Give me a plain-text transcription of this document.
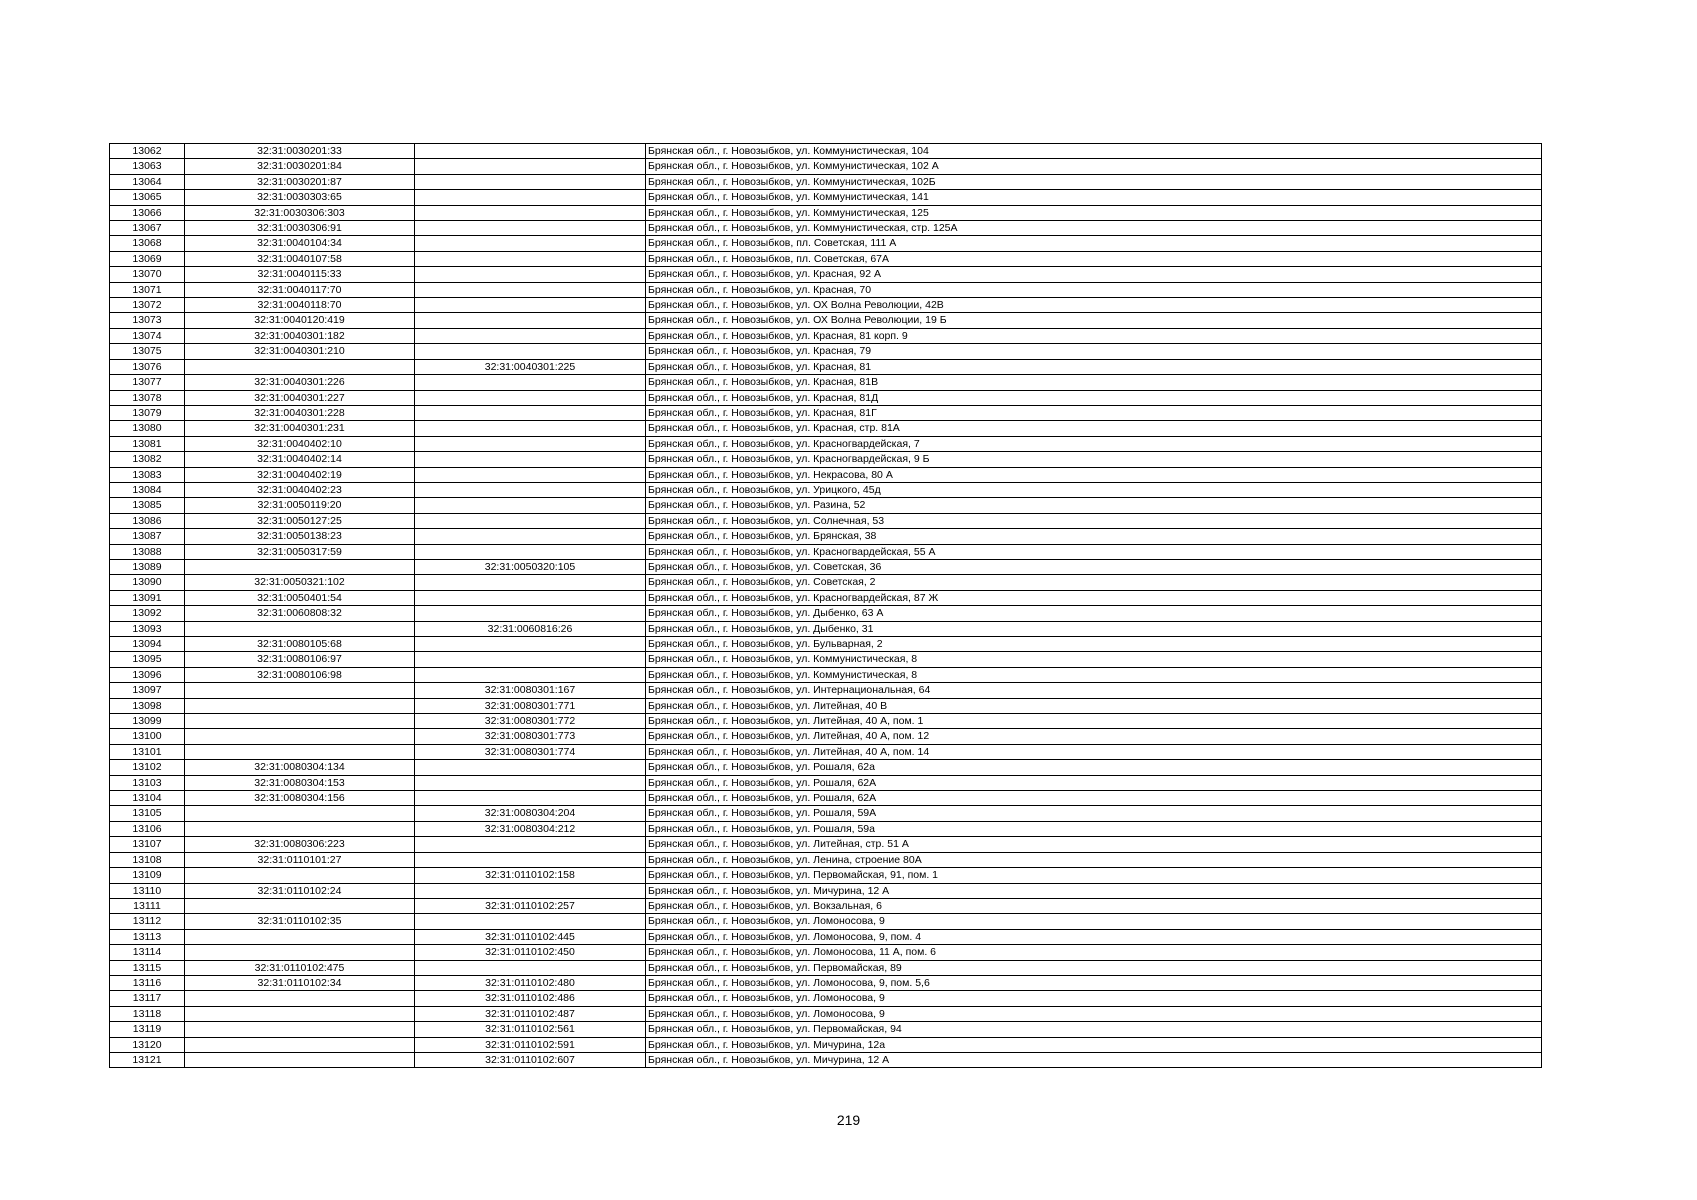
13062	32:31:0030201:33		Брянская обл., г. Новозыбков, ул. Коммунистическая, 104
13063	32:31:0030201:84		Брянская обл., г. Новозыбков, ул. Коммунистическая, 102 А
13064	32:31:0030201:87		Брянская обл., г. Новозыбков, ул. Коммунистическая, 102Б
13065	32:31:0030303:65		Брянская обл., г. Новозыбков, ул. Коммунистическая, 141
13066	32:31:0030306:303		Брянская обл., г. Новозыбков, ул. Коммунистическая, 125
13067	32:31:0030306:91		Брянская обл., г. Новозыбков, ул. Коммунистическая, стр. 125А
13068	32:31:0040104:34		Брянская обл., г. Новозыбков, пл. Советская, 111 А
13069	32:31:0040107:58		Брянская обл., г. Новозыбков, пл. Советская, 67А
13070	32:31:0040115:33		Брянская обл., г. Новозыбков, ул. Красная, 92 А
13071	32:31:0040117:70		Брянская обл., г. Новозыбков, ул. Красная, 70
13072	32:31:0040118:70		Брянская обл., г. Новозыбков, ул. ОХ Волна Революции, 42В
13073	32:31:0040120:419		Брянская обл., г. Новозыбков, ул. ОХ Волна Революции, 19 Б
13074	32:31:0040301:182		Брянская обл., г. Новозыбков, ул. Красная, 81 корп. 9
13075	32:31:0040301:210		Брянская обл., г. Новозыбков, ул. Красная, 79
13076		32:31:0040301:225	Брянская обл., г. Новозыбков, ул. Красная, 81
13077	32:31:0040301:226		Брянская обл., г. Новозыбков, ул. Красная, 81В
13078	32:31:0040301:227		Брянская обл., г. Новозыбков, ул. Красная, 81Д
13079	32:31:0040301:228		Брянская обл., г. Новозыбков, ул. Красная, 81Г
13080	32:31:0040301:231		Брянская обл., г. Новозыбков, ул. Красная, стр. 81А
13081	32:31:0040402:10		Брянская обл., г. Новозыбков, ул. Красногвардейская, 7
13082	32:31:0040402:14		Брянская обл., г. Новозыбков, ул. Красногвардейская, 9 Б
13083	32:31:0040402:19		Брянская обл., г. Новозыбков, ул. Некрасова, 80 А
13084	32:31:0040402:23		Брянская обл., г. Новозыбков, ул. Урицкого, 45д
13085	32:31:0050119:20		Брянская обл., г. Новозыбков, ул. Разина, 52
13086	32:31:0050127:25		Брянская обл., г. Новозыбков, ул. Солнечная, 53
13087	32:31:0050138:23		Брянская обл., г. Новозыбков, ул. Брянская, 38
13088	32:31:0050317:59		Брянская обл., г. Новозыбков, ул. Красногвардейская, 55 А
13089		32:31:0050320:105	Брянская обл., г. Новозыбков, ул. Советская, 36
13090	32:31:0050321:102		Брянская обл., г. Новозыбков, ул. Советская, 2
13091	32:31:0050401:54		Брянская обл., г. Новозыбков, ул. Красногвардейская, 87 Ж
13092	32:31:0060808:32		Брянская обл., г. Новозыбков, ул. Дыбенко, 63 А
13093		32:31:0060816:26	Брянская обл., г. Новозыбков, ул. Дыбенко, 31
13094	32:31:0080105:68		Брянская обл., г. Новозыбков, ул. Бульварная, 2
13095	32:31:0080106:97		Брянская обл., г. Новозыбков, ул. Коммунистическая, 8
13096	32:31:0080106:98		Брянская обл., г. Новозыбков, ул. Коммунистическая, 8
13097		32:31:0080301:167	Брянская обл., г. Новозыбков, ул. Интернациональная, 64
13098		32:31:0080301:771	Брянская обл., г. Новозыбков, ул. Литейная, 40 В
13099		32:31:0080301:772	Брянская обл., г. Новозыбков, ул. Литейная, 40 А, пом. 1
13100		32:31:0080301:773	Брянская обл., г. Новозыбков, ул. Литейная, 40 А, пом. 12
13101		32:31:0080301:774	Брянская обл., г. Новозыбков, ул. Литейная, 40 А, пом. 14
13102	32:31:0080304:134		Брянская обл., г. Новозыбков, ул. Рошаля, 62а
13103	32:31:0080304:153		Брянская обл., г. Новозыбков, ул. Рошаля, 62А
13104	32:31:0080304:156		Брянская обл., г. Новозыбков, ул. Рошаля, 62А
13105		32:31:0080304:204	Брянская обл., г. Новозыбков, ул. Рошаля, 59А
13106		32:31:0080304:212	Брянская обл., г. Новозыбков, ул. Рошаля, 59а
13107	32:31:0080306:223		Брянская обл., г. Новозыбков, ул. Литейная, стр. 51 А
13108	32:31:0110101:27		Брянская обл., г. Новозыбков, ул. Ленина, строение 80А
13109		32:31:0110102:158	Брянская обл., г. Новозыбков, ул. Первомайская, 91, пом. 1
13110	32:31:0110102:24		Брянская обл., г. Новозыбков, ул. Мичурина, 12 А
13111		32:31:0110102:257	Брянская обл., г. Новозыбков, ул. Вокзальная, 6
13112	32:31:0110102:35		Брянская обл., г. Новозыбков, ул. Ломоносова, 9
13113		32:31:0110102:445	Брянская обл., г. Новозыбков, ул. Ломоносова, 9, пом. 4
13114		32:31:0110102:450	Брянская обл., г. Новозыбков, ул. Ломоносова, 11 А, пом. 6
13115	32:31:0110102:475		Брянская обл., г. Новозыбков, ул. Первомайская, 89
13116	32:31:0110102:34	32:31:0110102:480	Брянская обл., г. Новозыбков, ул. Ломоносова, 9, пом. 5,6
13117		32:31:0110102:486	Брянская обл., г. Новозыбков, ул. Ломоносова, 9
13118		32:31:0110102:487	Брянская обл., г. Новозыбков, ул. Ломоносова, 9
13119		32:31:0110102:561	Брянская обл., г. Новозыбков, ул. Первомайская, 94
13120		32:31:0110102:591	Брянская обл., г. Новозыбков, ул. Мичурина, 12а
13121		32:31:0110102:607	Брянская обл., г. Новозыбков, ул. Мичурина, 12 А
219
